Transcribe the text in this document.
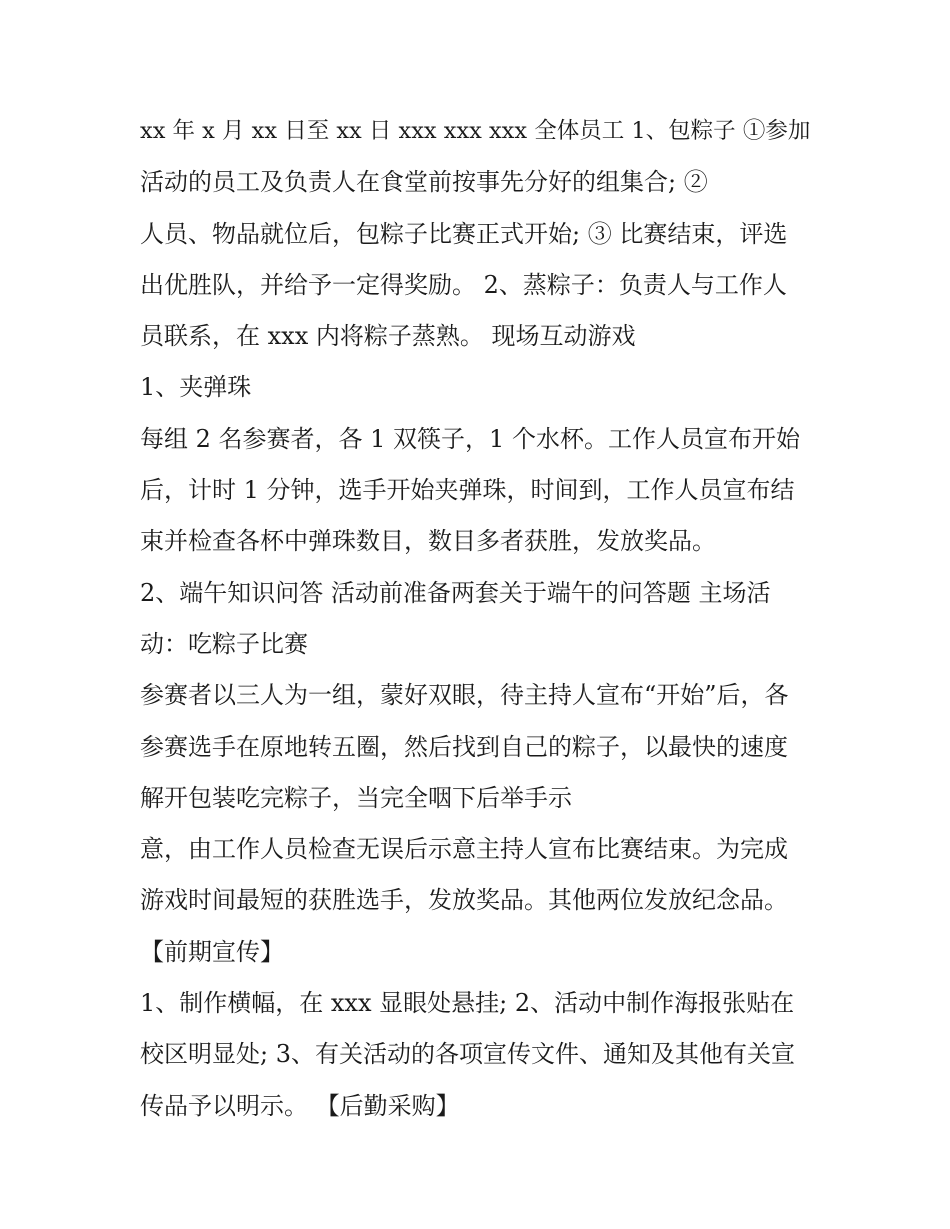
xx 年 x 月 xx 日至 xx 日 xxx xxx xxx 全体员工 1、包粽子 ①参加
活动的员工及负责人在食堂前按事先分好的组集合; ②
人员、物品就位后，包粽子比赛正式开始; ③ 比赛结束，评选
出优胜队，并给予一定得奖励。 2、蒸粽子：负责人与工作人
员联系，在 xxx 内将粽子蒸熟。 现场互动游戏
1、夹弹珠
每组 2 名参赛者，各 1 双筷子，1 个水杯。工作人员宣布开始
后，计时 1 分钟，选手开始夹弹珠，时间到，工作人员宣布结
束并检查各杯中弹珠数目，数目多者获胜，发放奖品。
2、端午知识问答 活动前准备两套关于端午的问答题 主场活
动：吃粽子比赛
参赛者以三人为一组，蒙好双眼，待主持人宣布“开始”后，各
参赛选手在原地转五圈，然后找到自己的粽子，以最快的速度
解开包装吃完粽子，当完全咽下后举手示
意，由工作人员检查无误后示意主持人宣布比赛结束。为完成
游戏时间最短的获胜选手，发放奖品。其他两位发放纪念品。
【前期宣传】
1、制作横幅，在 xxx 显眼处悬挂; 2、活动中制作海报张贴在
校区明显处; 3、有关活动的各项宣传文件、通知及其他有关宣
传品予以明示。 【后勤采购】
